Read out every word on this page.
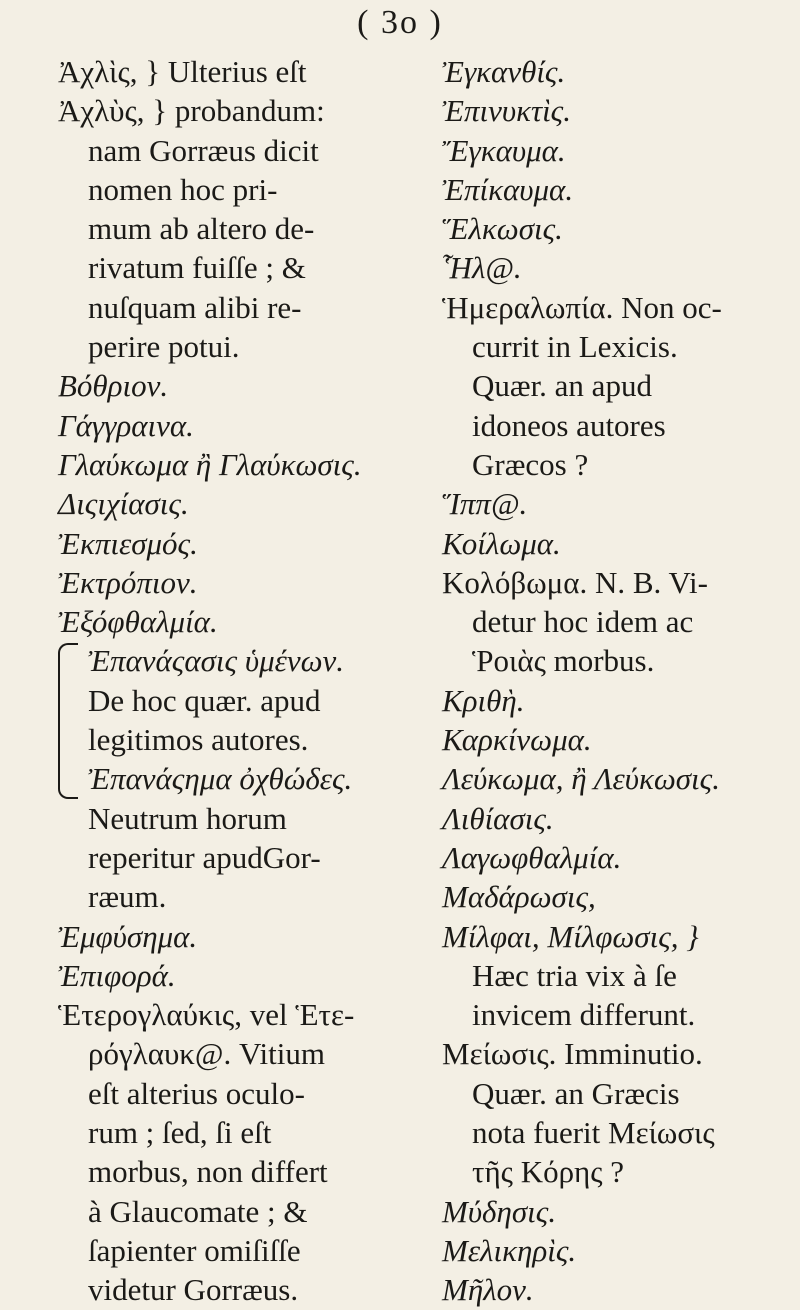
( 3o )

Ἀχλὶς, } Ulterius eſt

Ἀχλὺς, } probandum:

nam Gorræus dicit

nomen hoc pri-

mum ab altero de-

rivatum fuiſſe ; &

nuſquam alibi re-

perire potui.

Βόθριον.

Γάγγραινα.

Γλαύκωμα ἢ Γλαύκωσις.

Διςιχίασις.

Ἐκπιεσμός.

Ἐκτρόπιον.

Ἐξόφθαλμία.

Ἐπανάςασις ὑμένων.

De hoc quær. apud

legitimos autores.

Ἐπανάςημα ὀχθώδες.

Neutrum horum

reperitur apudGor-

ræum.

Ἐμφύσημα.

Ἐπιφορά.

Ἑτερογλαύκις, vel Ἑτε-

ρόγλαυκ@. Vitium

eſt alterius oculo-

rum ; ſed, ſi eſt

morbus, non differt

à Glaucomate ; &

ſapienter omiſiſſe

videtur Gorræus.

Ἐγκανθίς.

Ἐπινυκτὶς.

Ἔγκαυμα.

Ἐπίκαυμα.

Ἕλκωσις.

Ἧλ@.

Ἡμεραλωπία. Non oc-

currit in Lexicis.

Quær. an apud

idoneos autores

Græcos ?

Ἵππ@.

Κοίλωμα.

Κολόβωμα. N. B. Vi-

detur hoc idem ac

Ῥοιὰς morbus.

Κριθὴ.

Καρκίνωμα.

Λεύκωμα, ἢ Λεύκωσις.

Λιθίασις.

Λαγωφθαλμία.

Μαδάρωσις,

Μίλφαι, Μίλφωσις, }

Hæc tria vix à ſe

invicem differunt.

Μείωσις. Imminutio.

Quær. an Græcis

nota fuerit Μείωσις

τῆς Κόρης ?

Μύδησις.

Μελικηρὶς.

Μῆλον.
